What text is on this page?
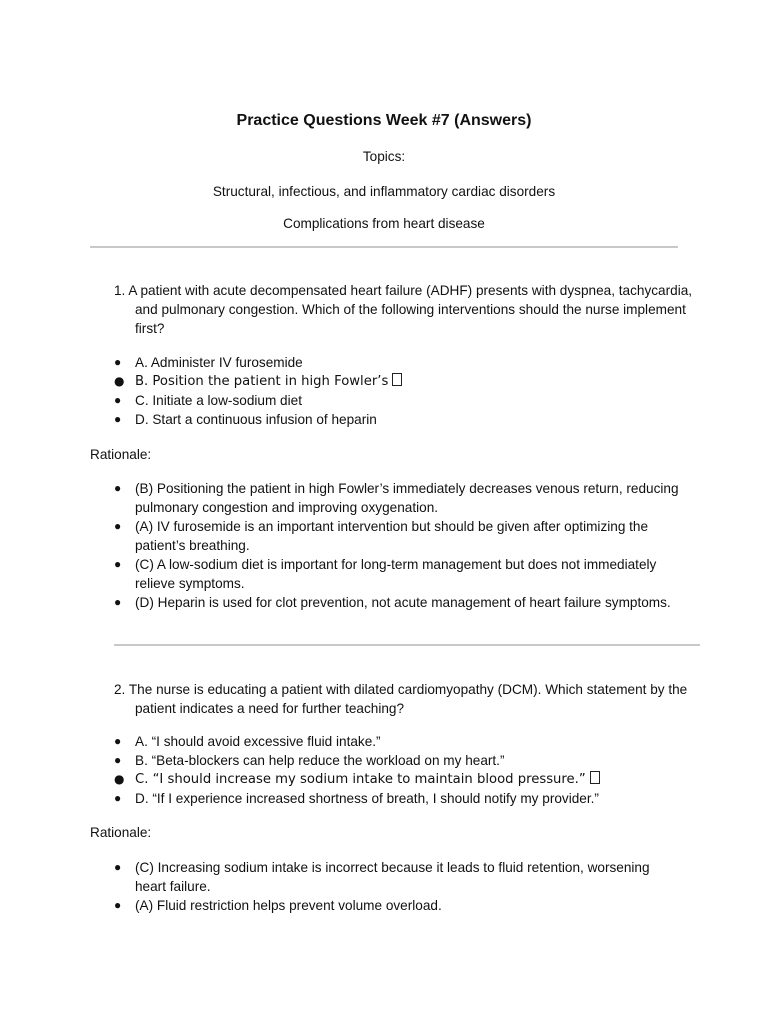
Practice Questions Week #7 (Answers)
Topics:
Structural, infectious, and inflammatory cardiac disorders
Complications from heart disease
1. A patient with acute decompensated heart failure (ADHF) presents with dyspnea, tachycardia, and pulmonary congestion. Which of the following interventions should the nurse implement first?
● A. Administer IV furosemide
● B. Position the patient in high Fowler’s
● C. Initiate a low-sodium diet
● D. Start a continuous infusion of heparin
Rationale:
● (B) Positioning the patient in high Fowler’s immediately decreases venous return, reducing pulmonary congestion and improving oxygenation.
● (A) IV furosemide is an important intervention but should be given after optimizing the patient’s breathing.
● (C) A low-sodium diet is important for long-term management but does not immediately relieve symptoms.
● (D) Heparin is used for clot prevention, not acute management of heart failure symptoms.
2. The nurse is educating a patient with dilated cardiomyopathy (DCM). Which statement by the patient indicates a need for further teaching?
● A. “I should avoid excessive fluid intake.”
● B. “Beta-blockers can help reduce the workload on my heart.”
● C. “I should increase my sodium intake to maintain blood pressure.”
● D. “If I experience increased shortness of breath, I should notify my provider.”
Rationale:
● (C) Increasing sodium intake is incorrect because it leads to fluid retention, worsening heart failure.
● (A) Fluid restriction helps prevent volume overload.
